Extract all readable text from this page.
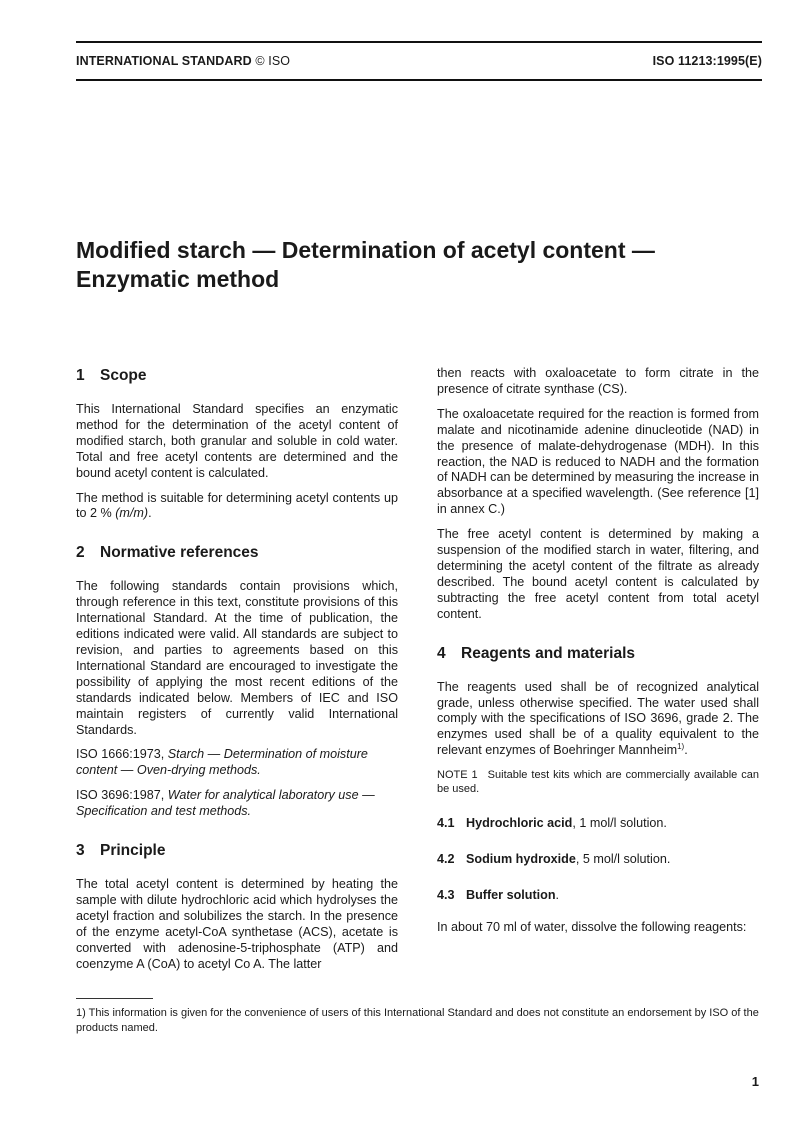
INTERNATIONAL STANDARD © ISO	ISO 11213:1995(E)
Modified starch — Determination of acetyl content —
Enzymatic method
1 Scope

This International Standard specifies an enzymatic method for the determination of the acetyl content of modified starch, both granular and soluble in cold water. Total and free acetyl contents are determined and the bound acetyl content is calculated.

The method is suitable for determining acetyl contents up to 2 % (m/m).

2 Normative references

The following standards contain provisions which, through reference in this text, constitute provisions of this International Standard. At the time of publication, the editions indicated were valid. All standards are subject to revision, and parties to agreements based on this International Standard are encouraged to investigate the possibility of applying the most recent editions of the standards indicated below. Members of IEC and ISO maintain registers of currently valid International Standards.

ISO 1666:1973, Starch — Determination of moisture content — Oven-drying methods.

ISO 3696:1987, Water for analytical laboratory use — Specification and test methods.

3 Principle

The total acetyl content is determined by heating the sample with dilute hydrochloric acid which hydrolyses the acetyl fraction and solubilizes the starch. In the presence of the enzyme acetyl-CoA synthetase (ACS), acetate is converted with adenosine-5-triphosphate (ATP) and coenzyme A (CoA) to acetyl Co A. The latter

then reacts with oxaloacetate to form citrate in the presence of citrate synthase (CS).

The oxaloacetate required for the reaction is formed from malate and nicotinamide adenine dinucleotide (NAD) in the presence of malate-dehydrogenase (MDH). In this reaction, the NAD is reduced to NADH and the formation of NADH can be determined by measuring the increase in absorbance at a specified wavelength. (See reference [1] in annex C.)

The free acetyl content is determined by making a suspension of the modified starch in water, filtering, and determining the acetyl content of the filtrate as already described. The bound acetyl content is calculated by subtracting the free acetyl content from total acetyl content.

4 Reagents and materials

The reagents used shall be of recognized analytical grade, unless otherwise specified. The water used shall comply with the specifications of ISO 3696, grade 2. The enzymes used shall be of a quality equivalent to the relevant enzymes of Boehringer Mannheim$^{1)}$.

NOTE 1 Suitable test kits which are commercially available can be used.

4.1 Hydrochloric acid, 1 mol/l solution.

4.2 Sodium hydroxide, 5 mol/l solution.

4.3 Buffer solution.

In about 70 ml of water, dissolve the following reagents:

1) This information is given for the convenience of users of this International Standard and does not constitute an endorsement by ISO of the products named.

1
